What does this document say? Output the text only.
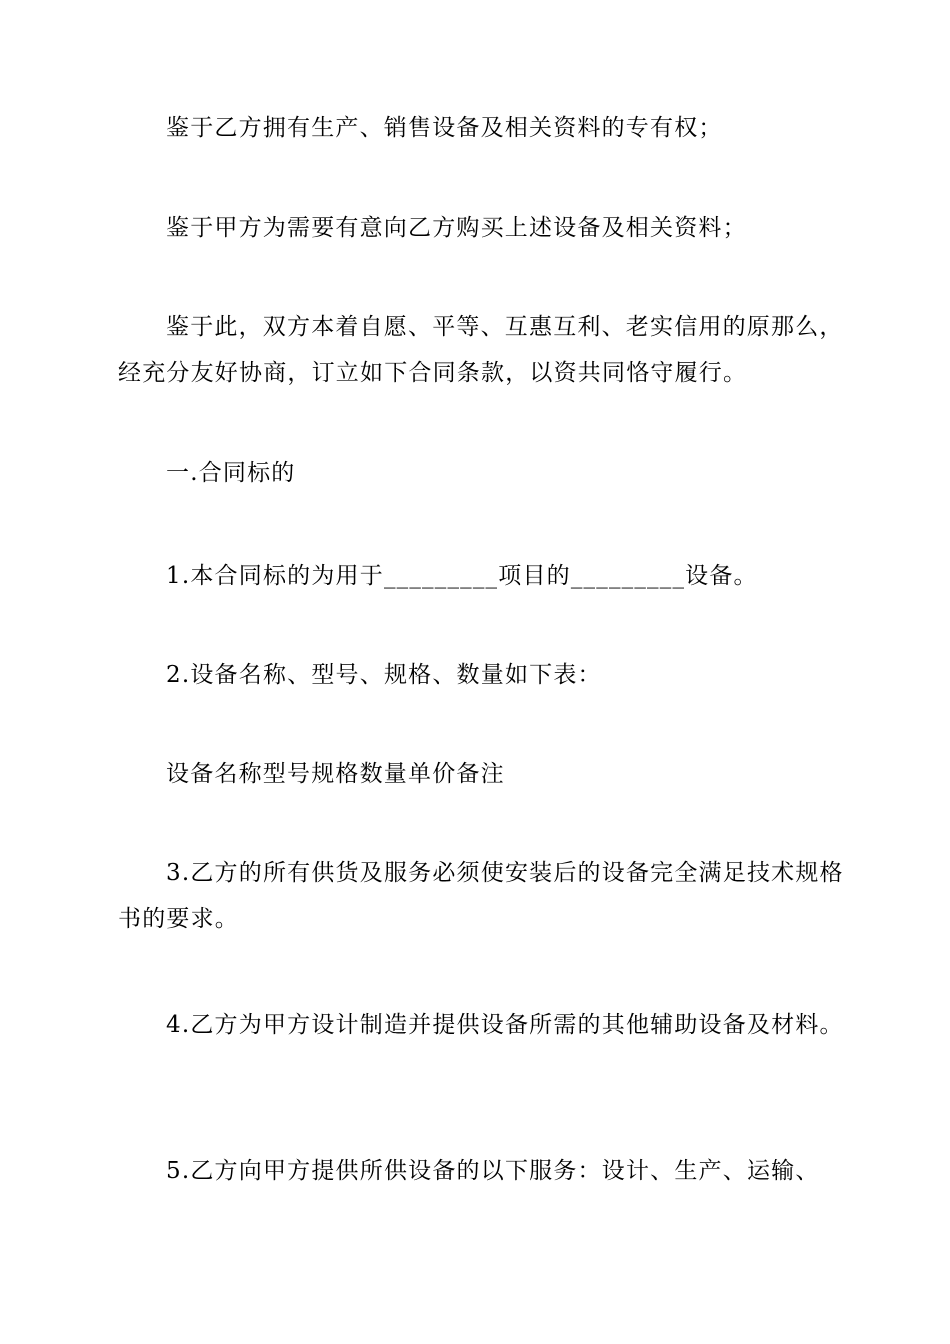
鉴于乙方拥有生产、销售设备及相关资料的专有权；

鉴于甲方为需要有意向乙方购买上述设备及相关资料；

鉴于此，双方本着自愿、平等、互惠互利、老实信用的原那么，经充分友好协商，订立如下合同条款，以资共同恪守履行。

一.合同标的

1.本合同标的为用于_________项目的_________设备。

2.设备名称、型号、规格、数量如下表：

设备名称型号规格数量单价备注

3.乙方的所有供货及服务必须使安装后的设备完全满足技术规格书的要求。

4.乙方为甲方设计制造并提供设备所需的其他辅助设备及材料。

5.乙方向甲方提供所供设备的以下服务：设计、生产、运输、
